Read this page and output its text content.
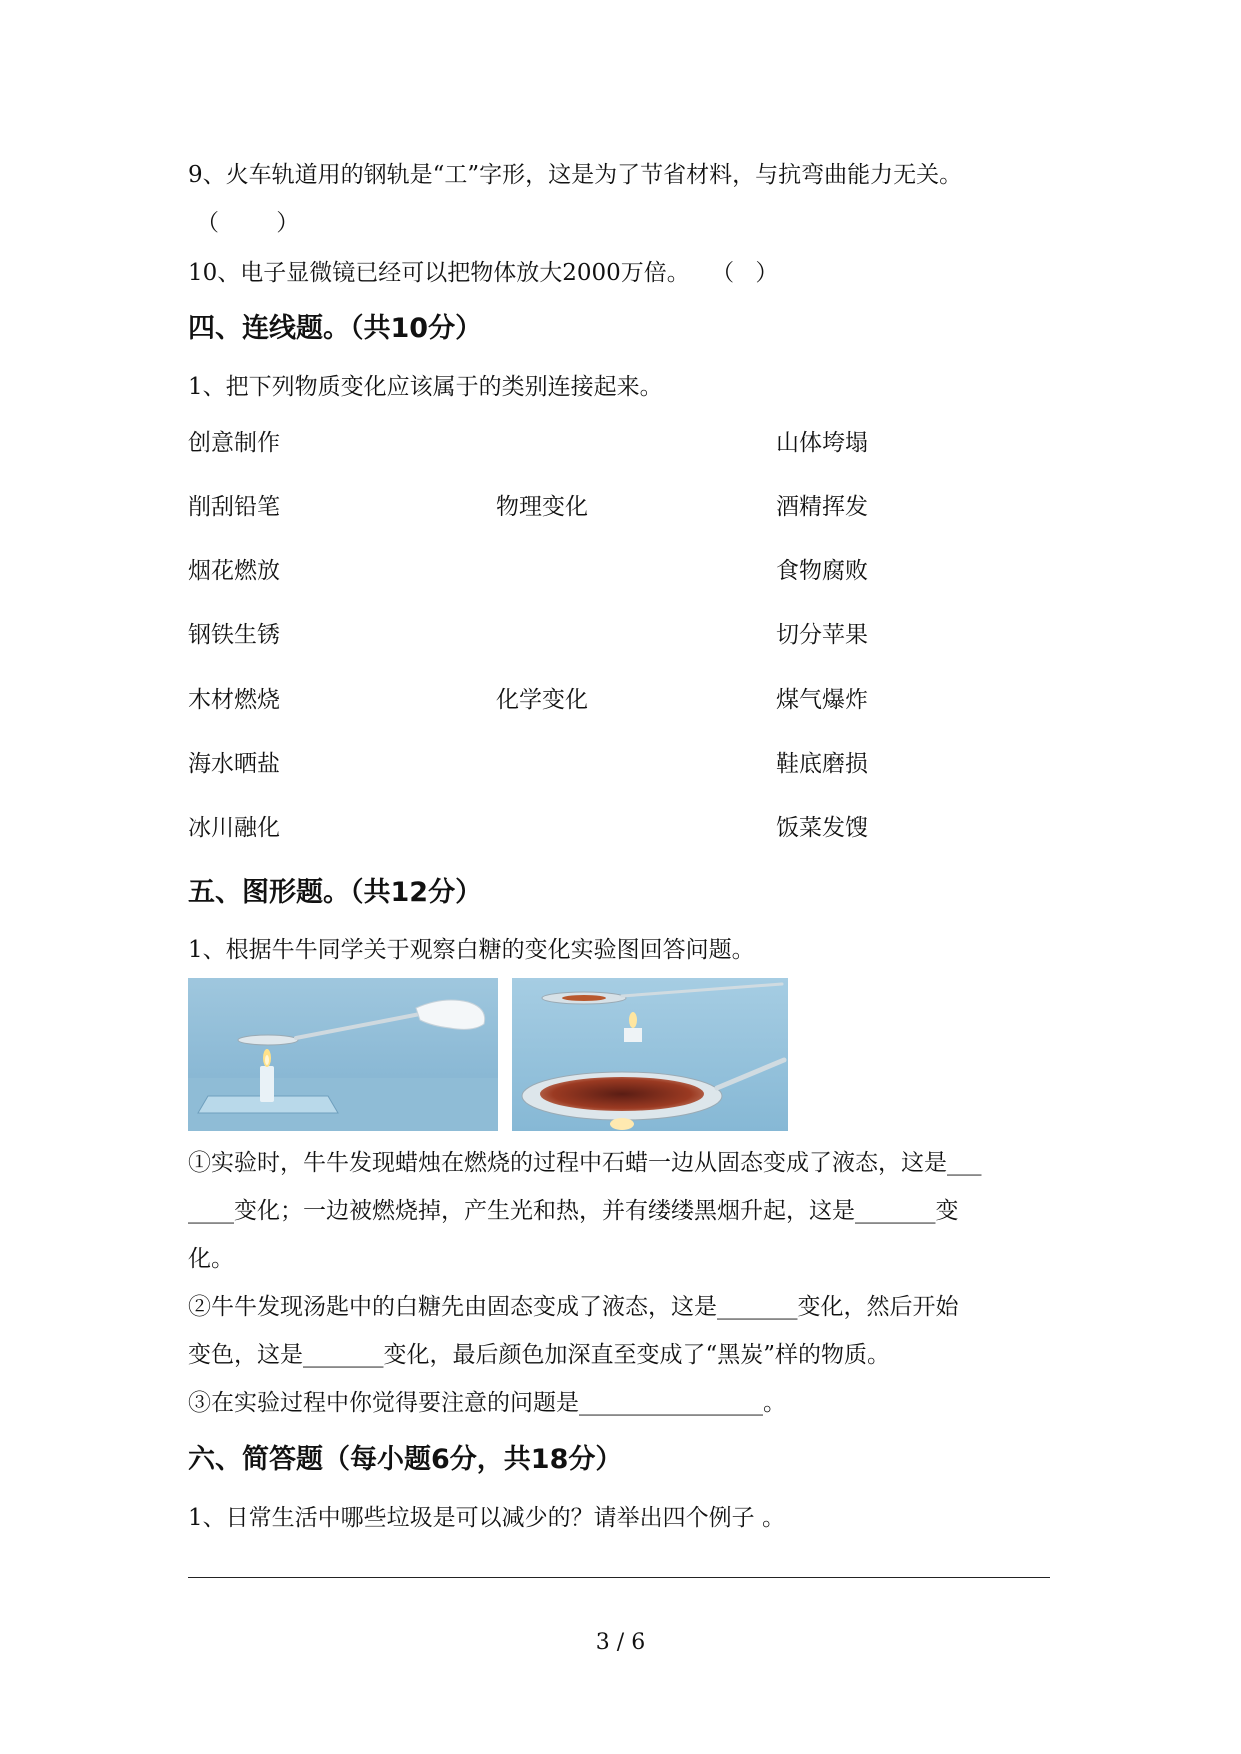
9、火车轨道用的钢轨是“工”字形，这是为了节省材料，与抗弯曲能力无关。
（ ）
10、电子显微镜已经可以把物体放大2000万倍。 （ ）
四、连线题。（共10分）
1、把下列物质变化应该属于的类别连接起来。
创意制作
削刮铅笔
烟花燃放
钢铁生锈
木材燃烧
海水晒盐
冰川融化
物理变化
化学变化
山体垮塌
酒精挥发
食物腐败
切分苹果
煤气爆炸
鞋底磨损
饭菜发馊
五、图形题。（共12分）
1、根据牛牛同学关于观察白糖的变化实验图回答问题。
①实验时，牛牛发现蜡烛在燃烧的过程中石蜡一边从固态变成了液态，这是___
____变化；一边被燃烧掉，产生光和热，并有缕缕黑烟升起，这是_______变
化。
②牛牛发现汤匙中的白糖先由固态变成了液态，这是_______变化，然后开始
变色，这是_______变化，最后颜色加深直至变成了“黑炭”样的物质。
③在实验过程中你觉得要注意的问题是________________。
六、简答题（每小题6分，共18分）
1、日常生活中哪些垃圾是可以减少的？请举出四个例子 。
3 / 6
